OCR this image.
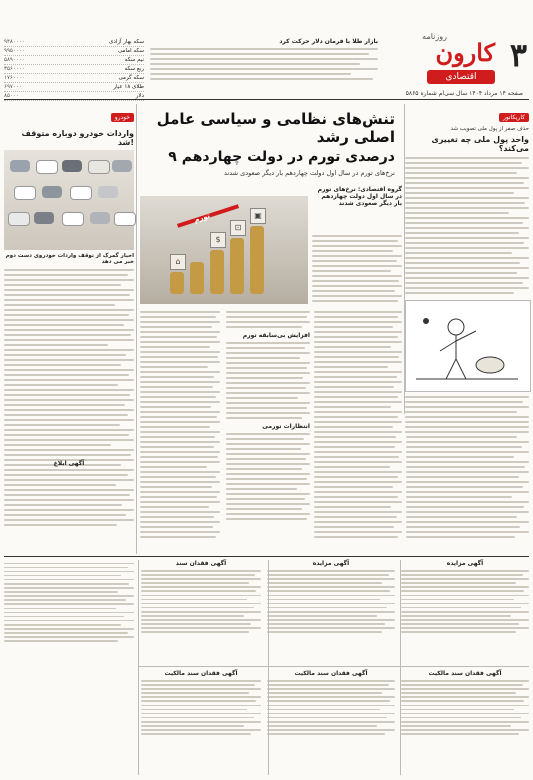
۳
روزنامه
کارون
اقتصادی
صفحه ۱۴ مرداد ۱۴۰۴ سال سی‌ام شماره ۵۸۶۵
۹۴۸۰۰۰۰	سکه بهار آزادی
۹۹۵۰۰۰۰	سکه امامی
۵۸۹۰۰۰۰	نیم سکه
۳۵۶۰۰۰۰	ربع سکه
۱۷۶۰۰۰۰	سکه گرمی
۶۹۷۰۰۰	طلای ۱۸ عیار
۸۵۰۰۰	دلار
بازار طلا با فرمان دلار حرکت کرد
خودرو
واردات خودرو دوباره متوقف شد!
اخبار گمرک از توقف واردات خودروی دست دوم خبر می دهد
کاریکاتور
حذف صفر از پول ملی تصویب شد
واحد پول ملی چه تغییری می‌کند؟
تنش‌های نظامی و سیاسی عامل اصلی رشد
۹ درصدی تورم در دولت چهاردهم
نرخ‌های تورم در سال اول دولت چهاردهم بار دیگر صعودی شدند
گروه اقتصادی: نرخ‌های تورم در سال اول دولت چهاردهم بار دیگر صعودی شدند
⌂
$
⊡
▣
تورم
افزایش بی‌سابقه تورم
انتظارات تورمی
آگهی مزایده
آگهی مزایده
آگهی فقدان سند
آگهی ابلاغ
آگهی فقدان سند مالکیت
آگهی فقدان سند مالکیت
آگهی فقدان سند مالکیت
